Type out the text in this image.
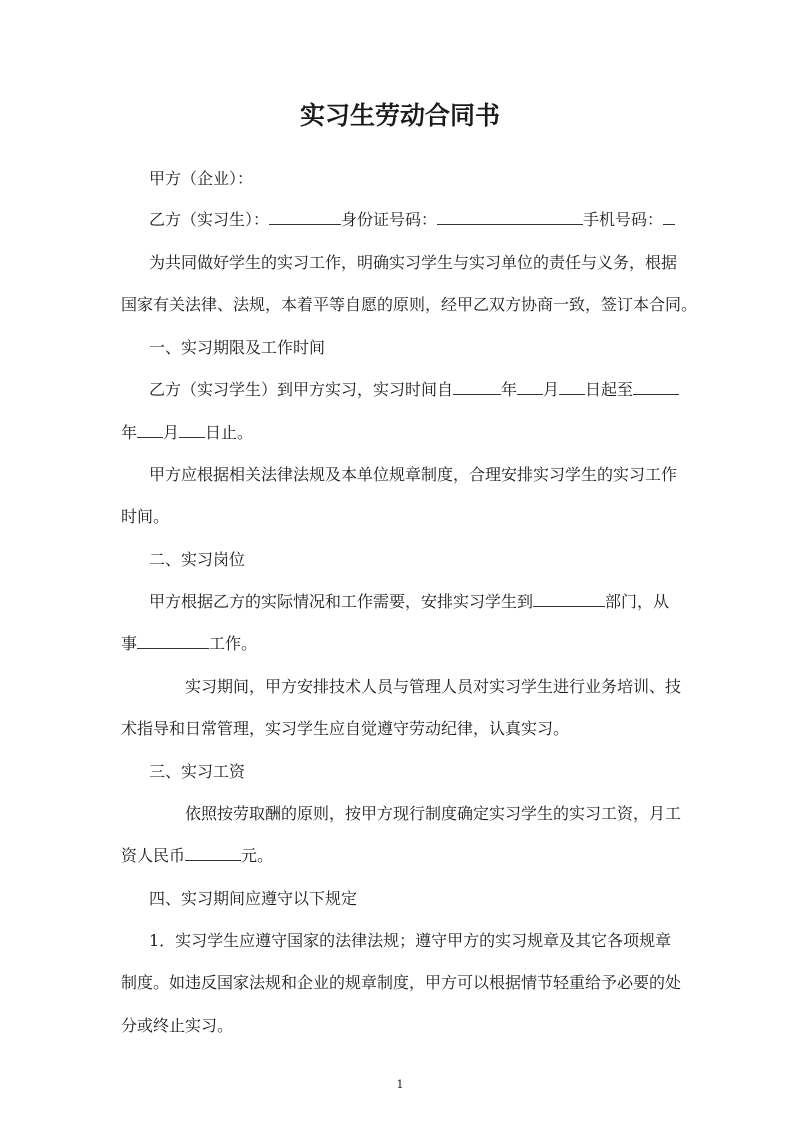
实习生劳动合同书
甲方（企业）：
乙方（实习生）：	身份证号码：	手机号码：
为共同做好学生的实习工作，明确实习学生与实习单位的责任与义务，根据
国家有关法律、法规，本着平等自愿的原则，经甲乙双方协商一致，签订本合同。
一、实习期限及工作时间
乙方（实习学生）到甲方实习，实习时间自	年 月 日起至
年 月 日止。
甲方应根据相关法律法规及本单位规章制度，合理安排实习学生的实习工作
时间。
二、实习岗位
甲方根据乙方的实际情况和工作需要，安排实习学生到	部门，从
事	工作。
实习期间，甲方安排技术人员与管理人员对实习学生进行业务培训、技
术指导和日常管理，实习学生应自觉遵守劳动纪律，认真实习。
三、实习工资
依照按劳取酬的原则，按甲方现行制度确定实习学生的实习工资，月工
资人民币	元。
四、实习期间应遵守以下规定
1．实习学生应遵守国家的法律法规；遵守甲方的实习规章及其它各项规章
制度。如违反国家法规和企业的规章制度，甲方可以根据情节轻重给予必要的处
分或终止实习。
1
